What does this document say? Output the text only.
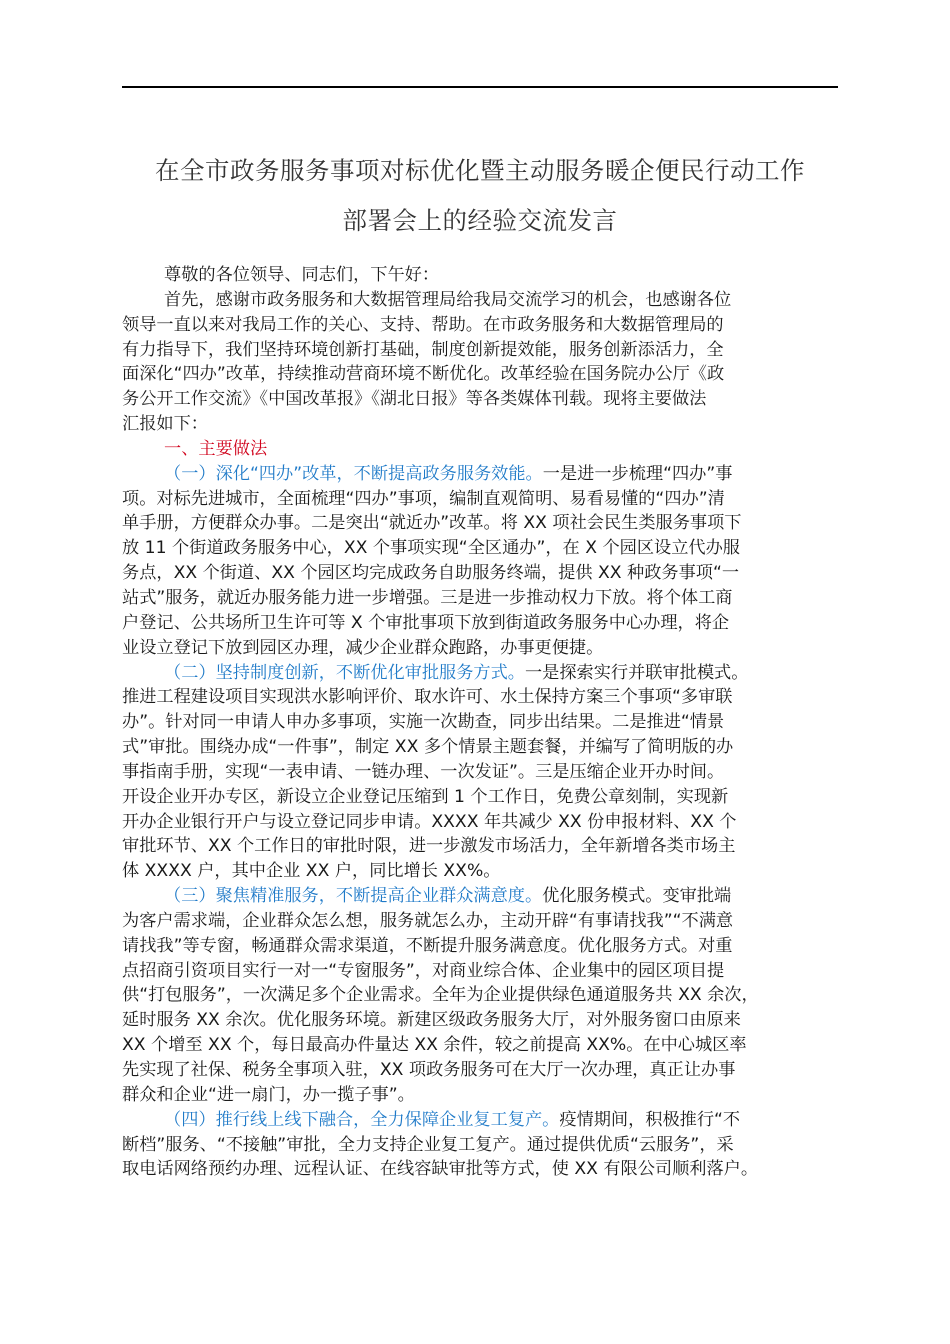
在全市政务服务事项对标优化暨主动服务暖企便民行动工作
部署会上的经验交流发言
尊敬的各位领导、同志们，下午好：
首先，感谢市政务服务和大数据管理局给我局交流学习的机会，也感谢各位
领导一直以来对我局工作的关心、支持、帮助。在市政务服务和大数据管理局的
有力指导下，我们坚持环境创新打基础，制度创新提效能，服务创新添活力，全
面深化“四办”改革，持续推动营商环境不断优化。改革经验在国务院办公厅《政
务公开工作交流》《中国改革报》《湖北日报》等各类媒体刊载。现将主要做法
汇报如下：
一、主要做法
（一）深化“四办”改革，不断提高政务服务效能。一是进一步梳理“四办”事
项。对标先进城市，全面梳理“四办”事项，编制直观简明、易看易懂的“四办”清
单手册，方便群众办事。二是突出“就近办”改革。将 XX 项社会民生类服务事项下
放 11 个街道政务服务中心，XX 个事项实现“全区通办”，在 X 个园区设立代办服
务点，XX 个街道、XX 个园区均完成政务自助服务终端，提供 XX 种政务事项“一
站式”服务，就近办服务能力进一步增强。三是进一步推动权力下放。将个体工商
户登记、公共场所卫生许可等 X 个审批事项下放到街道政务服务中心办理，将企
业设立登记下放到园区办理，减少企业群众跑路，办事更便捷。
（二）坚持制度创新，不断优化审批服务方式。一是探索实行并联审批模式。
推进工程建设项目实现洪水影响评价、取水许可、水土保持方案三个事项“多审联
办”。针对同一申请人申办多事项，实施一次勘查，同步出结果。二是推进“情景
式”审批。围绕办成“一件事”，制定 XX 多个情景主题套餐，并编写了简明版的办
事指南手册，实现“一表申请、一链办理、一次发证”。三是压缩企业开办时间。
开设企业开办专区，新设立企业登记压缩到 1 个工作日，免费公章刻制，实现新
开办企业银行开户与设立登记同步申请。XXXX 年共减少 XX 份申报材料、XX 个
审批环节、XX 个工作日的审批时限，进一步激发市场活力，全年新增各类市场主
体 XXXX 户，其中企业 XX 户，同比增长 XX%。
（三）聚焦精准服务，不断提高企业群众满意度。优化服务模式。变审批端
为客户需求端，企业群众怎么想，服务就怎么办，主动开辟“有事请找我”“不满意
请找我”等专窗，畅通群众需求渠道，不断提升服务满意度。优化服务方式。对重
点招商引资项目实行一对一“专窗服务”，对商业综合体、企业集中的园区项目提
供“打包服务”，一次满足多个企业需求。全年为企业提供绿色通道服务共 XX 余次，
延时服务 XX 余次。优化服务环境。新建区级政务服务大厅，对外服务窗口由原来
XX 个增至 XX 个，每日最高办件量达 XX 余件，较之前提高 XX%。在中心城区率
先实现了社保、税务全事项入驻，XX 项政务服务可在大厅一次办理，真正让办事
群众和企业“进一扇门，办一揽子事”。
（四）推行线上线下融合，全力保障企业复工复产。疫情期间，积极推行“不
断档”服务、“不接触”审批，全力支持企业复工复产。通过提供优质“云服务”，采
取电话网络预约办理、远程认证、在线容缺审批等方式，使 XX 有限公司顺利落户。
